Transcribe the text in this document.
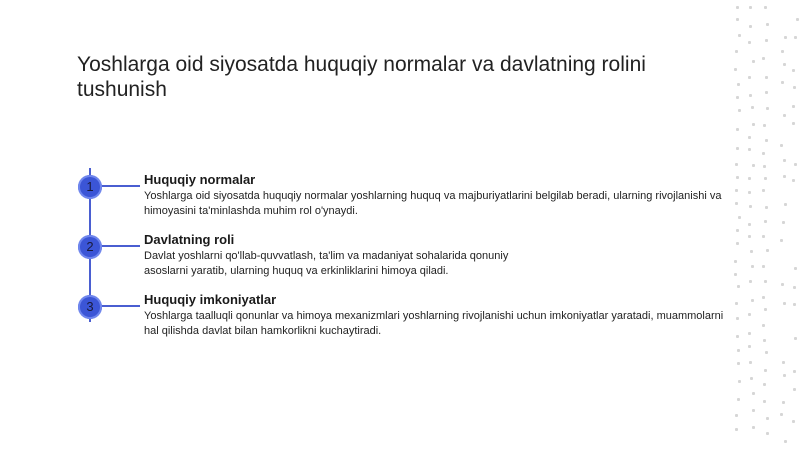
Yoshlarga oid siyosatda huquqiy normalar va davlatning rolini tushunish
1	Huquqiy normalar

Yoshlarga oid siyosatda huquqiy normalar yoshlarning huquq va majburiyatlarini belgilab beradi, ularning rivojlanishi va himoyasini ta'minlashda muhim rol o'ynaydi.

2	Davlatning roli

Davlat yoshlarni qo'llab-quvvatlash, ta'lim va madaniyat sohalarida qonuniy asoslarni yaratib, ularning huquq va erkinliklarini himoya qiladi.

3	Huquqiy imkoniyatlar

Yoshlarga taalluqli qonunlar va himoya mexanizmlari yoshlarning rivojlanishi uchun imkoniyatlar yaratadi, muammolarni hal qilishda davlat bilan hamkorlikni kuchaytiradi.
